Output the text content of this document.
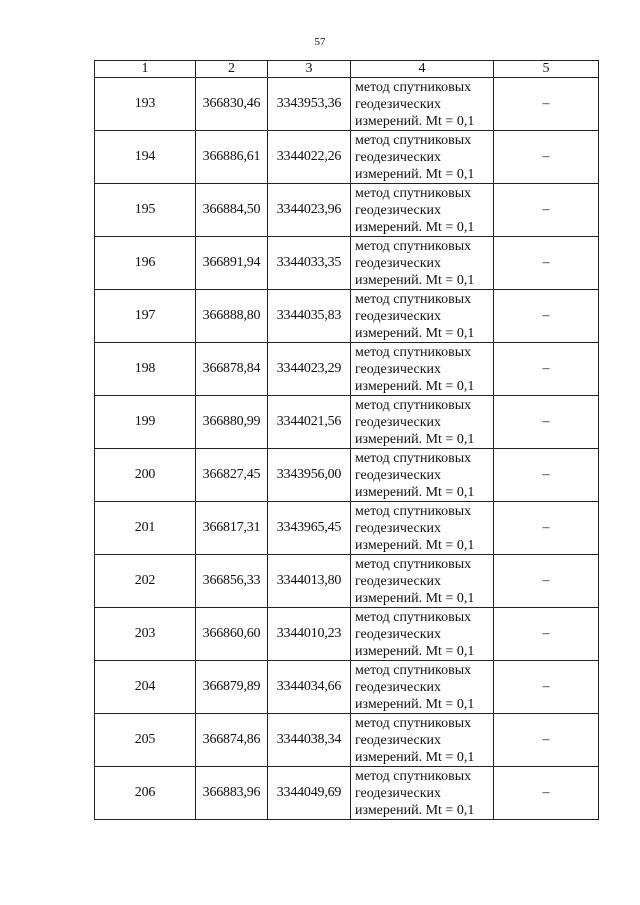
57
1	2	3	4	5
193	366830,46	3343953,36	метод спутниковых
геодезических
измерений. Mt = 0,1	–
194	366886,61	3344022,26	метод спутниковых
геодезических
измерений. Mt = 0,1	–
195	366884,50	3344023,96	метод спутниковых
геодезических
измерений. Mt = 0,1	–
196	366891,94	3344033,35	метод спутниковых
геодезических
измерений. Mt = 0,1	–
197	366888,80	3344035,83	метод спутниковых
геодезических
измерений. Mt = 0,1	–
198	366878,84	3344023,29	метод спутниковых
геодезических
измерений. Mt = 0,1	–
199	366880,99	3344021,56	метод спутниковых
геодезических
измерений. Mt = 0,1	–
200	366827,45	3343956,00	метод спутниковых
геодезических
измерений. Mt = 0,1	–
201	366817,31	3343965,45	метод спутниковых
геодезических
измерений. Mt = 0,1	–
202	366856,33	3344013,80	метод спутниковых
геодезических
измерений. Mt = 0,1	–
203	366860,60	3344010,23	метод спутниковых
геодезических
измерений. Mt = 0,1	–
204	366879,89	3344034,66	метод спутниковых
геодезических
измерений. Mt = 0,1	–
205	366874,86	3344038,34	метод спутниковых
геодезических
измерений. Mt = 0,1	–
206	366883,96	3344049,69	метод спутниковых
геодезических
измерений. Mt = 0,1	–
